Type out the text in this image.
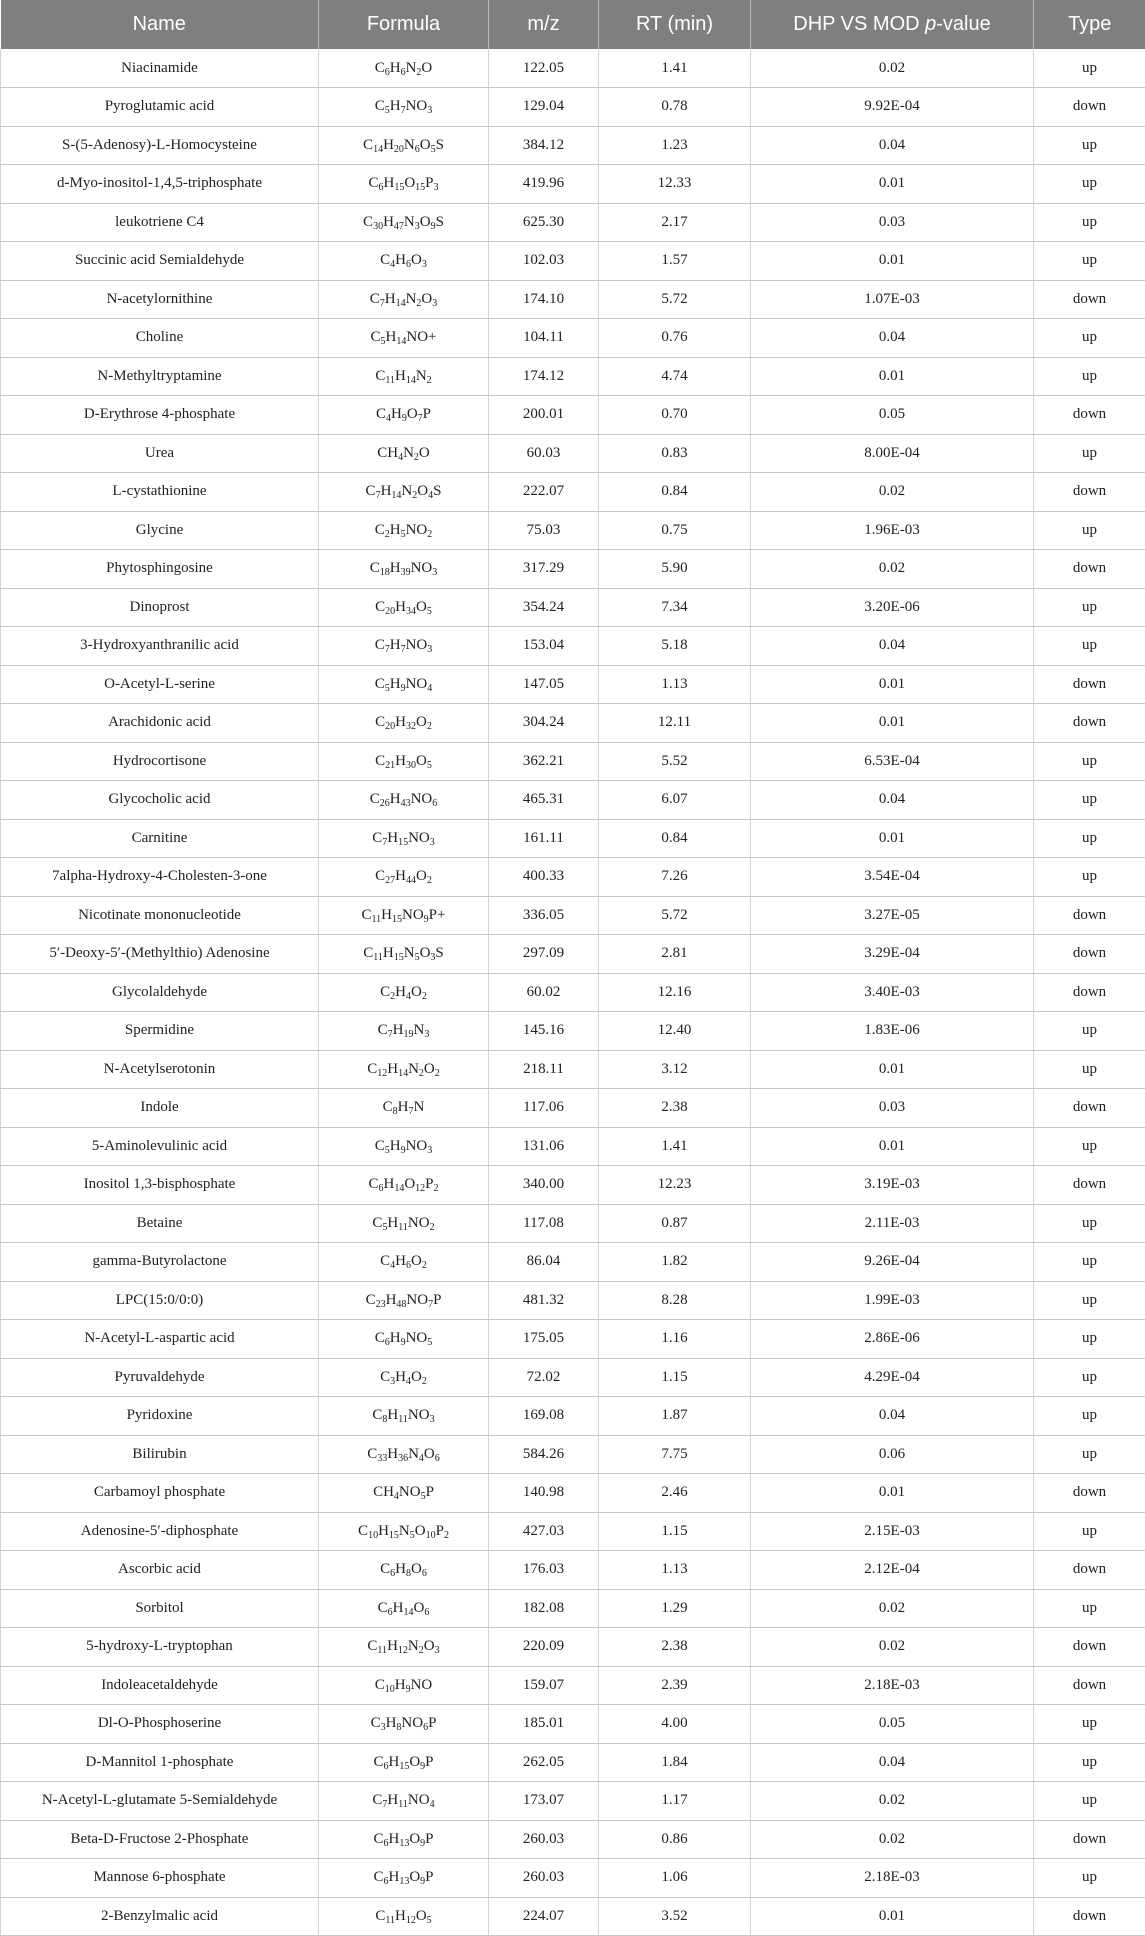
Name	Formula	m/z	RT (min)	DHP VS MOD p-value	Type
Niacinamide	$C_6H_6N_2O$	122.05	1.41	0.02	up
Pyroglutamic acid	$C_5H_7NO_3$	129.04	0.78	9.92E-04	down
S-(5-Adenosy)-L-Homocysteine	$C_{14}H_{20}N_6O_5S$	384.12	1.23	0.04	up
d-Myo-inositol-1,4,5-triphosphate	$C_6H_{15}O_{15}P_3$	419.96	12.33	0.01	up
leukotriene C4	$C_{30}H_{47}N_3O_9S$	625.30	2.17	0.03	up
Succinic acid Semialdehyde	$C_4H_6O_3$	102.03	1.57	0.01	up
N-acetylornithine	$C_7H_{14}N_2O_3$	174.10	5.72	1.07E-03	down
Choline	$C_5H_{14}NO+$	104.11	0.76	0.04	up
N-Methyltryptamine	$C_{11}H_{14}N_2$	174.12	4.74	0.01	up
D-Erythrose 4-phosphate	$C_4H_9O_7P$	200.01	0.70	0.05	down
Urea	$CH_4N_2O$	60.03	0.83	8.00E-04	up
L-cystathionine	$C_7H_{14}N_2O_4S$	222.07	0.84	0.02	down
Glycine	$C_2H_5NO_2$	75.03	0.75	1.96E-03	up
Phytosphingosine	$C_{18}H_{39}NO_3$	317.29	5.90	0.02	down
Dinoprost	$C_{20}H_{34}O_5$	354.24	7.34	3.20E-06	up
3-Hydroxyanthranilic acid	$C_7H_7NO_3$	153.04	5.18	0.04	up
O-Acetyl-L-serine	$C_5H_9NO_4$	147.05	1.13	0.01	down
Arachidonic acid	$C_{20}H_{32}O_2$	304.24	12.11	0.01	down
Hydrocortisone	$C_{21}H_{30}O_5$	362.21	5.52	6.53E-04	up
Glycocholic acid	$C_{26}H_{43}NO_6$	465.31	6.07	0.04	up
Carnitine	$C_7H_{15}NO_3$	161.11	0.84	0.01	up
7alpha-Hydroxy-4-Cholesten-3-one	$C_{27}H_{44}O_2$	400.33	7.26	3.54E-04	up
Nicotinate mononucleotide	$C_{11}H_{15}NO_9P+$	336.05	5.72	3.27E-05	down
5′-Deoxy-5′-(Methylthio) Adenosine	$C_{11}H_{15}N_5O_3S$	297.09	2.81	3.29E-04	down
Glycolaldehyde	$C_2H_4O_2$	60.02	12.16	3.40E-03	down
Spermidine	$C_7H_{19}N_3$	145.16	12.40	1.83E-06	up
N-Acetylserotonin	$C_{12}H_{14}N_2O_2$	218.11	3.12	0.01	up
Indole	$C_8H_7N$	117.06	2.38	0.03	down
5-Aminolevulinic acid	$C_5H_9NO_3$	131.06	1.41	0.01	up
Inositol 1,3-bisphosphate	$C_6H_{14}O_{12}P_2$	340.00	12.23	3.19E-03	down
Betaine	$C_5H_{11}NO_2$	117.08	0.87	2.11E-03	up
gamma-Butyrolactone	$C_4H_6O_2$	86.04	1.82	9.26E-04	up
LPC(15:0/0:0)	$C_{23}H_{48}NO_7P$	481.32	8.28	1.99E-03	up
N-Acetyl-L-aspartic acid	$C_6H_9NO_5$	175.05	1.16	2.86E-06	up
Pyruvaldehyde	$C_3H_4O_2$	72.02	1.15	4.29E-04	up
Pyridoxine	$C_8H_{11}NO_3$	169.08	1.87	0.04	up
Bilirubin	$C_{33}H_{36}N_4O_6$	584.26	7.75	0.06	up
Carbamoyl phosphate	$CH_4NO_5P$	140.98	2.46	0.01	down
Adenosine-5′-diphosphate	$C_{10}H_{15}N_5O_{10}P_2$	427.03	1.15	2.15E-03	up
Ascorbic acid	$C_6H_8O_6$	176.03	1.13	2.12E-04	down
Sorbitol	$C_6H_{14}O_6$	182.08	1.29	0.02	up
5-hydroxy-L-tryptophan	$C_{11}H_{12}N_2O_3$	220.09	2.38	0.02	down
Indoleacetaldehyde	$C_{10}H_9NO$	159.07	2.39	2.18E-03	down
Dl-O-Phosphoserine	$C_3H_8NO_6P$	185.01	4.00	0.05	up
D-Mannitol 1-phosphate	$C_6H_{15}O_9P$	262.05	1.84	0.04	up
N-Acetyl-L-glutamate 5-Semialdehyde	$C_7H_{11}NO_4$	173.07	1.17	0.02	up
Beta-D-Fructose 2-Phosphate	$C_6H_{13}O_9P$	260.03	0.86	0.02	down
Mannose 6-phosphate	$C_6H_{13}O_9P$	260.03	1.06	2.18E-03	up
2-Benzylmalic acid	$C_{11}H_{12}O_5$	224.07	3.52	0.01	down
